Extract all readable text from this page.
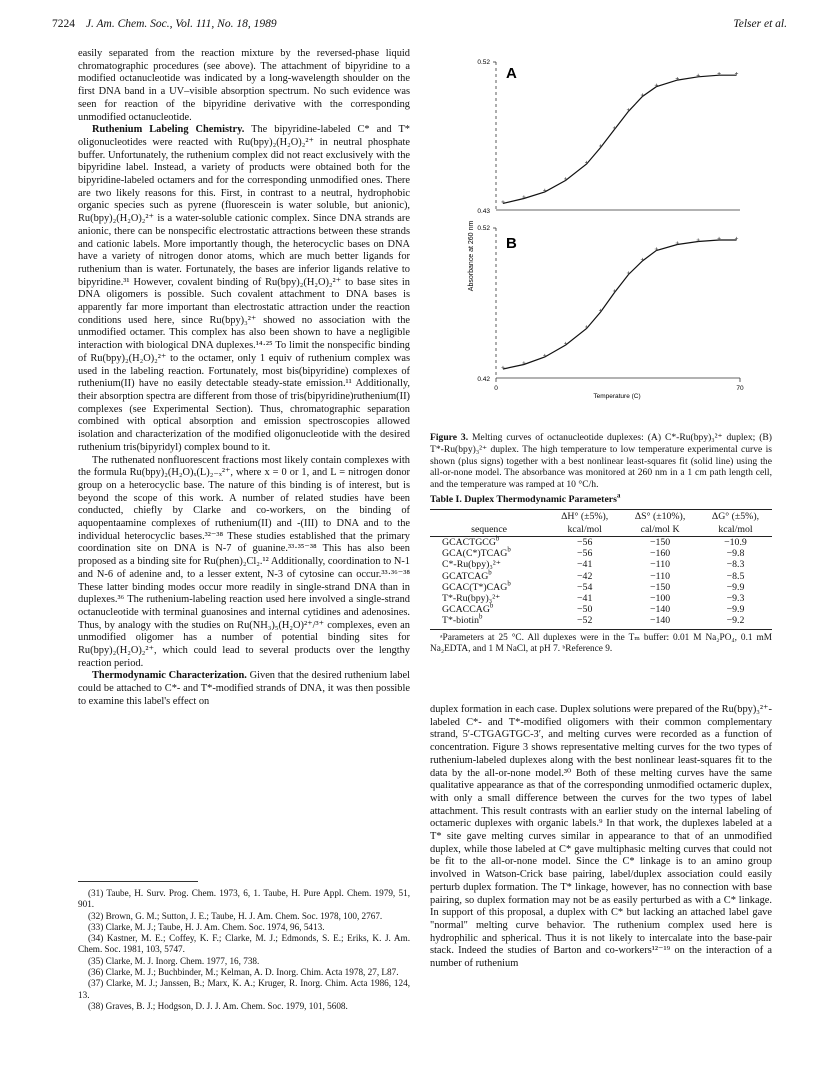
7224 J. Am. Chem. Soc., Vol. 111, No. 18, 1989	Telser et al.

easily separated from the reaction mixture by the reversed-phase liquid chromatographic procedures (see above). The attachment of bipyridine to a modified octanucleotide was indicated by a long-wavelength shoulder on the first DNA band in a UV–visible absorption spectrum. No such evidence was seen for reaction of the bipyridine derivative with the corresponding unmodified octanucleotide.

Ruthenium Labeling Chemistry. The bipyridine-labeled C* and T* oligonucleotides were reacted with Ru(bpy)₂(H₂O)₂²⁺ in neutral phosphate buffer. Unfortunately, the ruthenium complex did not react exclusively with the bipyridine label. Instead, a variety of products were obtained both for the bipyridine-labeled octamers and for the corresponding unmodified ones. There are two likely reasons for this. First, in contrast to a neutral, hydrophobic organic species such as pyrene (fluorescein is water soluble, but anionic), Ru(bpy)₂(H₂O)₂²⁺ is a water-soluble cationic complex. Since DNA strands are anionic, there can be nonspecific electrostatic attractions between these strands and cationic labels. More importantly though, the heterocyclic bases on DNA have a variety of nitrogen donor atoms, which are much better ligands for ruthenium than is water. Fortunately, the bases are inferior ligands relative to bipyridine.³¹ However, covalent binding of Ru(bpy)₂(H₂O)₂²⁺ to base sites in DNA oligomers is possible. Such covalent attachment to DNA bases is apparently far more important than electrostatic attraction under the reaction conditions used here, since Ru(bpy)₃²⁺ showed no association with the unmodified octamer. This complex has also been shown to have a negligible interaction with biological DNA duplexes.¹⁴·²⁵ To limit the nonspecific binding of Ru(bpy)₂(H₂O)₂²⁺ to the octamer, only 1 equiv of ruthenium complex was used in the labeling reaction. Fortunately, most bis(bipyridine) complexes of ruthenium(II) have no easily detectable steady-state emission.¹¹ Additionally, their absorption spectra are different from those of tris(bipyridine)ruthenium(II) complexes (see Experimental Section). Thus, chromatographic separation combined with optical absorption and emission spectroscopies allowed isolation and characterization of the modified oligonucleotide with the desired ruthenium tris(bipyridyl) complex bound to it.

The ruthenated nonfluorescent fractions most likely contain complexes with the formula Ru(bpy)₂(H₂O)ₓ(L)₂₋ₓ²⁺, where x = 0 or 1, and L = nitrogen donor group on a heterocyclic base. The nature of this binding is of interest, but is beyond the scope of this work. A number of related studies have been conducted, chiefly by Clarke and co-workers, on the binding of aquopentaamine complexes of ruthenium(II) and -(III) to DNA and to the individual heterocyclic bases.³²⁻³⁸ These studies established that the primary coordination site on DNA is N-7 of guanine.³³·³⁵⁻³⁸ This has also been proposed as a binding site for Ru(phen)₂Cl₂.¹² Additionally, coordination to N-1 and N-6 of adenine and, to a lesser extent, N-3 of cytosine can occur.³³·³⁶⁻³⁸ These latter binding modes occur more readily in single-strand DNA than in duplexes.³⁶ The ruthenium-labeling reaction used here involved a single-strand octanucleotide with terminal guanosines and internal cytidines and adenosines. Thus, by analogy with the studies on Ru(NH₃)₅(H₂O)²⁺/³⁺ complexes, even an unmodified oligomer has a number of potential binding sites for Ru(bpy)₂(H₂O)₂²⁺, which could lead to several products over the lengthy reaction period.

Thermodynamic Characterization. Given that the desired ruthenium label could be attached to C*- and T*-modified strands of DNA, it was then possible to examine this label's effect on

(31) Taube, H. Surv. Prog. Chem. 1973, 6, 1. Taube, H. Pure Appl. Chem. 1979, 51, 901.

(32) Brown, G. M.; Sutton, J. E.; Taube, H. J. Am. Chem. Soc. 1978, 100, 2767.

(33) Clarke, M. J.; Taube, H. J. Am. Chem. Soc. 1974, 96, 5413.

(34) Kastner, M. E.; Coffey, K. F.; Clarke, M. J.; Edmonds, S. E.; Eriks, K. J. Am. Chem. Soc. 1981, 103, 5747.

(35) Clarke, M. J. Inorg. Chem. 1977, 16, 738.

(36) Clarke, M. J.; Buchbinder, M.; Kelman, A. D. Inorg. Chim. Acta 1978, 27, L87.

(37) Clarke, M. J.; Janssen, B.; Marx, K. A.; Kruger, R. Inorg. Chim. Acta 1986, 124, 13.

(38) Graves, B. J.; Hodgson, D. J. J. Am. Chem. Soc. 1979, 101, 5608.

Absorbance at 260 nm
A
B
0.52
0.43
0.52
0.42
0	70
Temperature (C)
Figure 3. Melting curves of octanucleotide duplexes: (A) C*-Ru(bpy)₃²⁺ duplex; (B) T*-Ru(bpy)₃²⁺ duplex. The high temperature to low temperature experimental curve is shown (plus signs) together with a best nonlinear least-squares fit (solid line) using the all-or-none model. The absorbance was monitored at 260 nm in a 1 cm path length cell, and the temperature was ramped at 10 °C/h.
Table I. Duplex Thermodynamic Parameters$^a$
	ΔH° (±5%),	ΔS° (±10%),	ΔG° (±5%),
sequence	kcal/mol	cal/mol K	kcal/mol
$GCACTGCG^b$	−56	−150	−10.9
$GCA(C*)TCAG^b$	−56	−160	−9.8
C*-Ru(bpy)₃²⁺	−41	−110	−8.3
$GCATCAG^b$	−42	−110	−8.5
$GCAC(T*)CAG^b$	−54	−150	−9.9
T*-Ru(bpy)₃²⁺	−41	−100	−9.3
$GCACCAG^b$	−50	−140	−9.9
T*-biotin$^b$	−52	−140	−9.2
ᵃParameters at 25 °C. All duplexes were in the Tₘ buffer: 0.01 M Na₂PO₄, 0.1 mM Na₂EDTA, and 1 M NaCl, at pH 7. ᵇReference 9.

duplex formation in each case. Duplex solutions were prepared of the Ru(bpy)₃²⁺-labeled C*- and T*-modified oligomers with their common complementary strand, 5′-CTGAGTGC-3′, and melting curves were recorded as a function of concentration. Figure 3 shows representative melting curves for the two types of ruthenium-labeled duplexes along with the best nonlinear least-squares fit to the data by the all-or-none model.³⁰ Both of these melting curves have the same qualitative appearance as that of the corresponding unmodified octameric duplex, with only a small difference between the curves for the two types of label attachment. This result contrasts with an earlier study on the internal labeling of octameric duplexes with organic labels.⁹ In that work, the duplexes labeled at a T* site gave melting curves similar in appearance to that of an unmodified duplex, while those labeled at C* gave multiphasic melting curves that could not be fit to the all-or-none model. Since the C* linkage is to an amino group involved in Watson-Crick base pairing, label/duplex association could easily perturb duplex formation. The T* linkage, however, has no connection with base pairing, so duplex formation may not be as easily perturbed as with a C* linkage. In support of this proposal, a duplex with C* but lacking an attached label gave "normal" melting curve behavior. The ruthenium complex used here is hydrophilic and spherical. Thus it is not likely to intercalate into the base-pair stack. Indeed the studies of Barton and co-workers¹²⁻¹⁹ on the interaction of a number of ruthenium
